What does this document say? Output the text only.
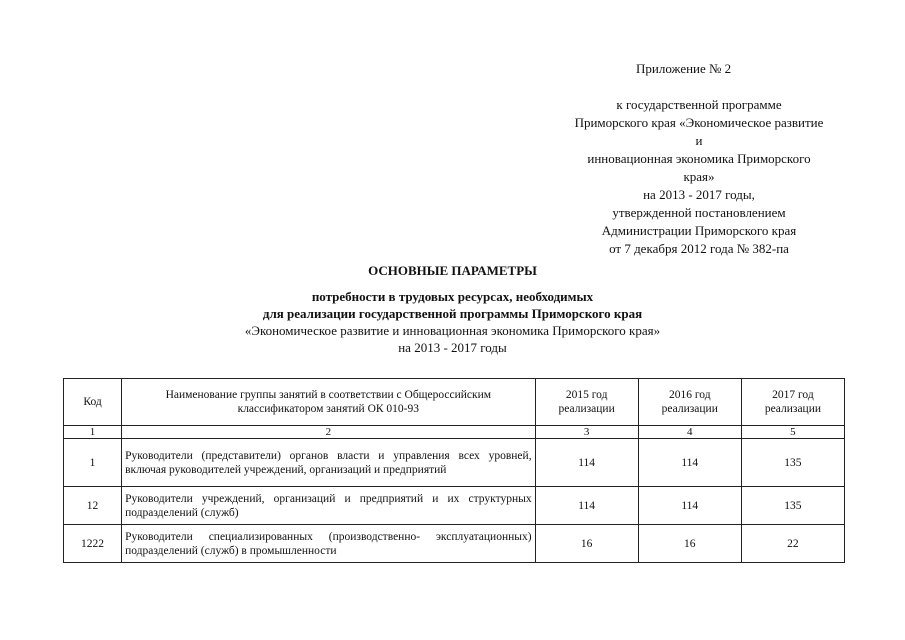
Приложение № 2
к государственной программе
Приморского края «Экономическое развитие и
инновационная экономика Приморского края»
на 2013 - 2017 годы,
утвержденной постановлением
Администрации Приморского края
от 7 декабря 2012 года № 382-па
ОСНОВНЫЕ ПАРАМЕТРЫ
потребности в трудовых ресурсах, необходимых
для реализации государственной программы Приморского края
«Экономическое развитие и инновационная экономика Приморского края»
на 2013 - 2017 годы
Код	Наименование группы занятий в соответствии с Общероссийским классификатором занятий ОК 010-93	2015 год реализации	2016 год реализации	2017 год реализации
1	2	3	4	5
1	Руководители (представители) органов власти и управления всех уровней, включая руководителей учреждений, организаций и предприятий	114	114	135
12	Руководители учреждений, организаций и предприятий и их структурных подразделений (служб)	114	114	135
1222	Руководители специализированных (производственно- эксплуатационных) подразделений (служб) в промышленности	16	16	22
